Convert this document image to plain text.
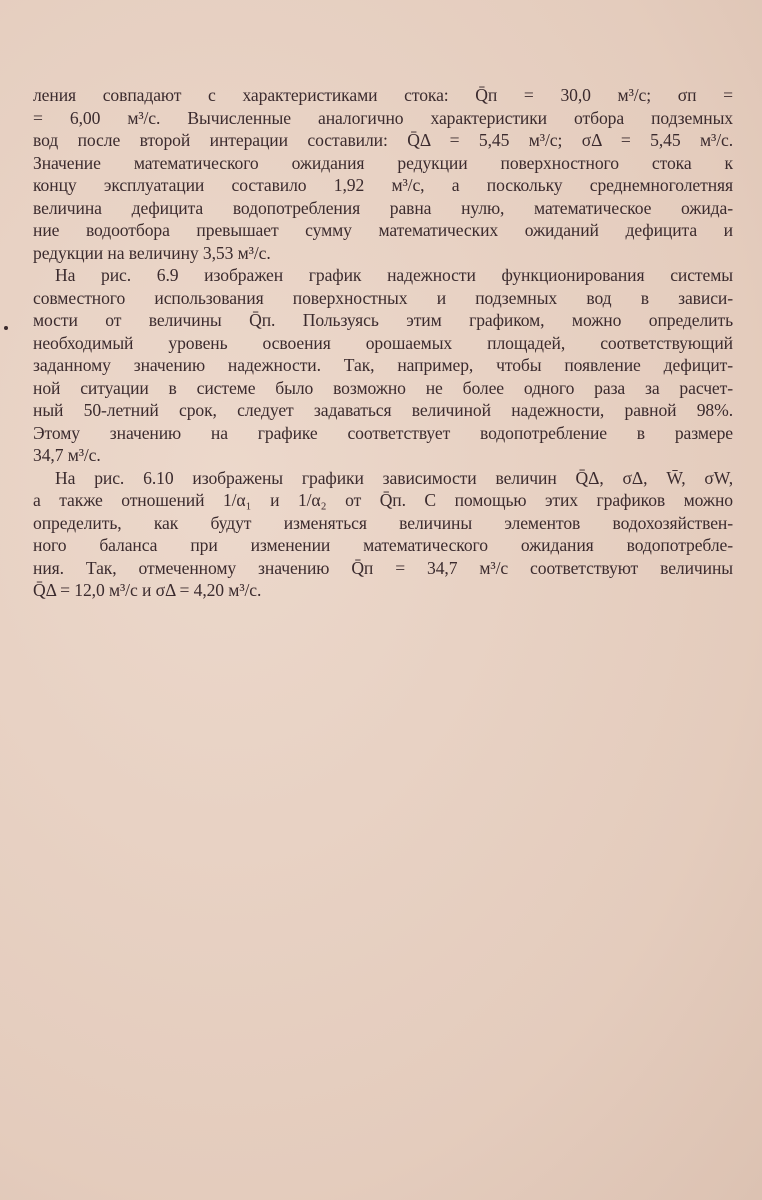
ления совпадают с характеристиками стока: Q̄п = 30,0 м³/с; σп =
= 6,00 м³/с. Вычисленные аналогично характеристики отбора подземных
вод после второй интерации составили: Q̄Δ = 5,45 м³/с; σΔ = 5,45 м³/с.
Значение математического ожидания редукции поверхностного стока к
концу эксплуатации составило 1,92 м³/с, а поскольку среднемноголетняя
величина дефицита водопотребления равна нулю, математическое ожида-
ние водоотбора превышает сумму математических ожиданий дефицита и
редукции на величину 3,53 м³/с.
На рис. 6.9 изображен график надежности функционирования системы
совместного использования поверхностных и подземных вод в зависи-
мости от величины Q̄п. Пользуясь этим графиком, можно определить
необходимый уровень освоения орошаемых площадей, соответствующий
заданному значению надежности. Так, например, чтобы появление дефицит-
ной ситуации в системе было возможно не более одного раза за расчет-
ный 50-летний срок, следует задаваться величиной надежности, равной 98%.
Этому значению на графике соответствует водопотребление в размере
34,7 м³/с.
На рис. 6.10 изображены графики зависимости величин Q̄Δ, σΔ, W̄, σW,
а также отношений 1/α₁ и 1/α₂ от Q̄п. С помощью этих графиков можно
определить, как будут изменяться величины элементов водохозяйствен-
ного баланса при изменении математического ожидания водопотребле-
ния. Так, отмеченному значению Q̄п = 34,7 м³/с соответствуют величины
Q̄Δ = 12,0 м³/с и σΔ = 4,20 м³/с.
